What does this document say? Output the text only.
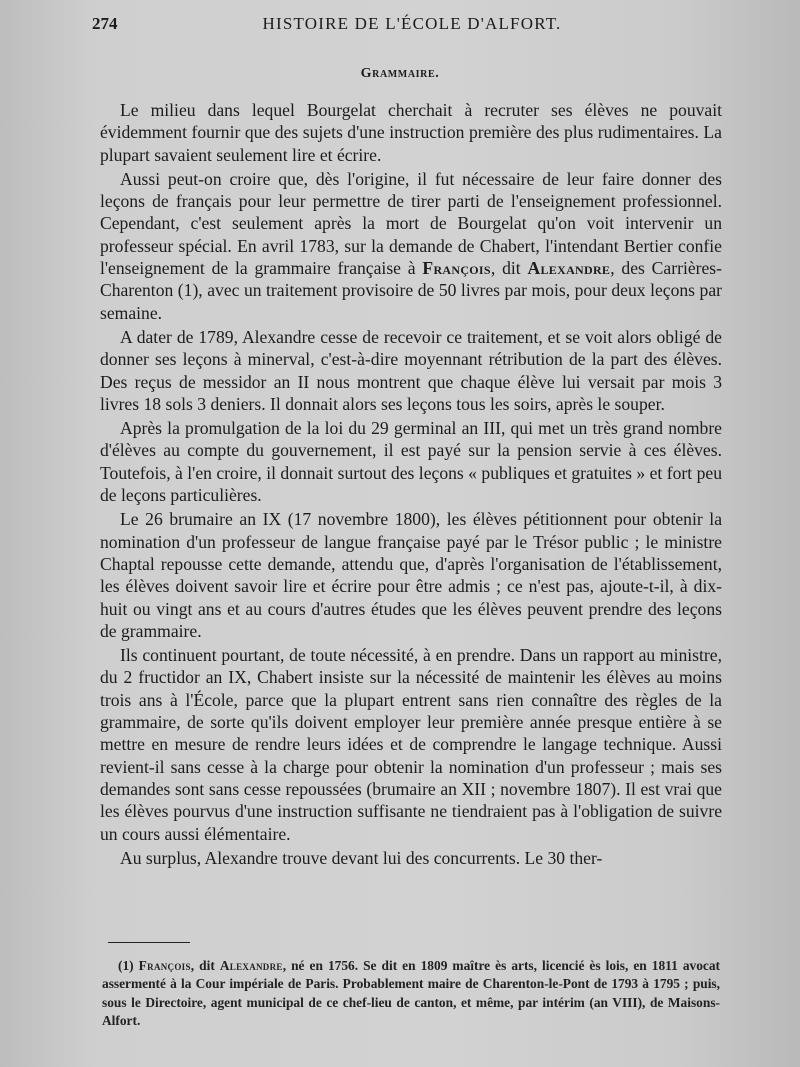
274	HISTOIRE DE L'ÉCOLE D'ALFORT.
Grammaire.

Le milieu dans lequel Bourgelat cherchait à recruter ses élèves ne pouvait évidemment fournir que des sujets d'une instruction première des plus rudimentaires. La plupart savaient seulement lire et écrire.

Aussi peut-on croire que, dès l'origine, il fut nécessaire de leur faire donner des leçons de français pour leur permettre de tirer parti de l'enseignement professionnel. Cependant, c'est seulement après la mort de Bourgelat qu'on voit intervenir un professeur spécial. En avril 1783, sur la demande de Chabert, l'intendant Bertier confie l'enseignement de la grammaire française à François, dit Alexandre, des Carrières-Charenton (1), avec un traitement provisoire de 50 livres par mois, pour deux leçons par semaine.

A dater de 1789, Alexandre cesse de recevoir ce traitement, et se voit alors obligé de donner ses leçons à minerval, c'est-à-dire moyennant rétribution de la part des élèves. Des reçus de messidor an II nous montrent que chaque élève lui versait par mois 3 livres 18 sols 3 deniers. Il donnait alors ses leçons tous les soirs, après le souper.

Après la promulgation de la loi du 29 germinal an III, qui met un très grand nombre d'élèves au compte du gouvernement, il est payé sur la pension servie à ces élèves. Toutefois, à l'en croire, il donnait surtout des leçons « publiques et gratuites » et fort peu de leçons particulières.

Le 26 brumaire an IX (17 novembre 1800), les élèves pétitionnent pour obtenir la nomination d'un professeur de langue française payé par le Trésor public ; le ministre Chaptal repousse cette demande, attendu que, d'après l'organisation de l'établissement, les élèves doivent savoir lire et écrire pour être admis ; ce n'est pas, ajoute-t-il, à dix-huit ou vingt ans et au cours d'autres études que les élèves peuvent prendre des leçons de grammaire.

Ils continuent pourtant, de toute nécessité, à en prendre. Dans un rapport au ministre, du 2 fructidor an IX, Chabert insiste sur la nécessité de maintenir les élèves au moins trois ans à l'École, parce que la plupart entrent sans rien connaître des règles de la grammaire, de sorte qu'ils doivent employer leur première année presque entière à se mettre en mesure de rendre leurs idées et de comprendre le langage technique. Aussi revient-il sans cesse à la charge pour obtenir la nomination d'un professeur ; mais ses demandes sont sans cesse repoussées (brumaire an XII ; novembre 1807). Il est vrai que les élèves pourvus d'une instruction suffisante ne tiendraient pas à l'obligation de suivre un cours aussi élémentaire.

Au surplus, Alexandre trouve devant lui des concurrents. Le 30 ther-

(1) François, dit Alexandre, né en 1756. Se dit en 1809 maître ès arts, licencié ès lois, en 1811 avocat assermenté à la Cour impériale de Paris. Probablement maire de Charenton-le-Pont de 1793 à 1795 ; puis, sous le Directoire, agent municipal de ce chef-lieu de canton, et même, par intérim (an VIII), de Maisons-Alfort.
